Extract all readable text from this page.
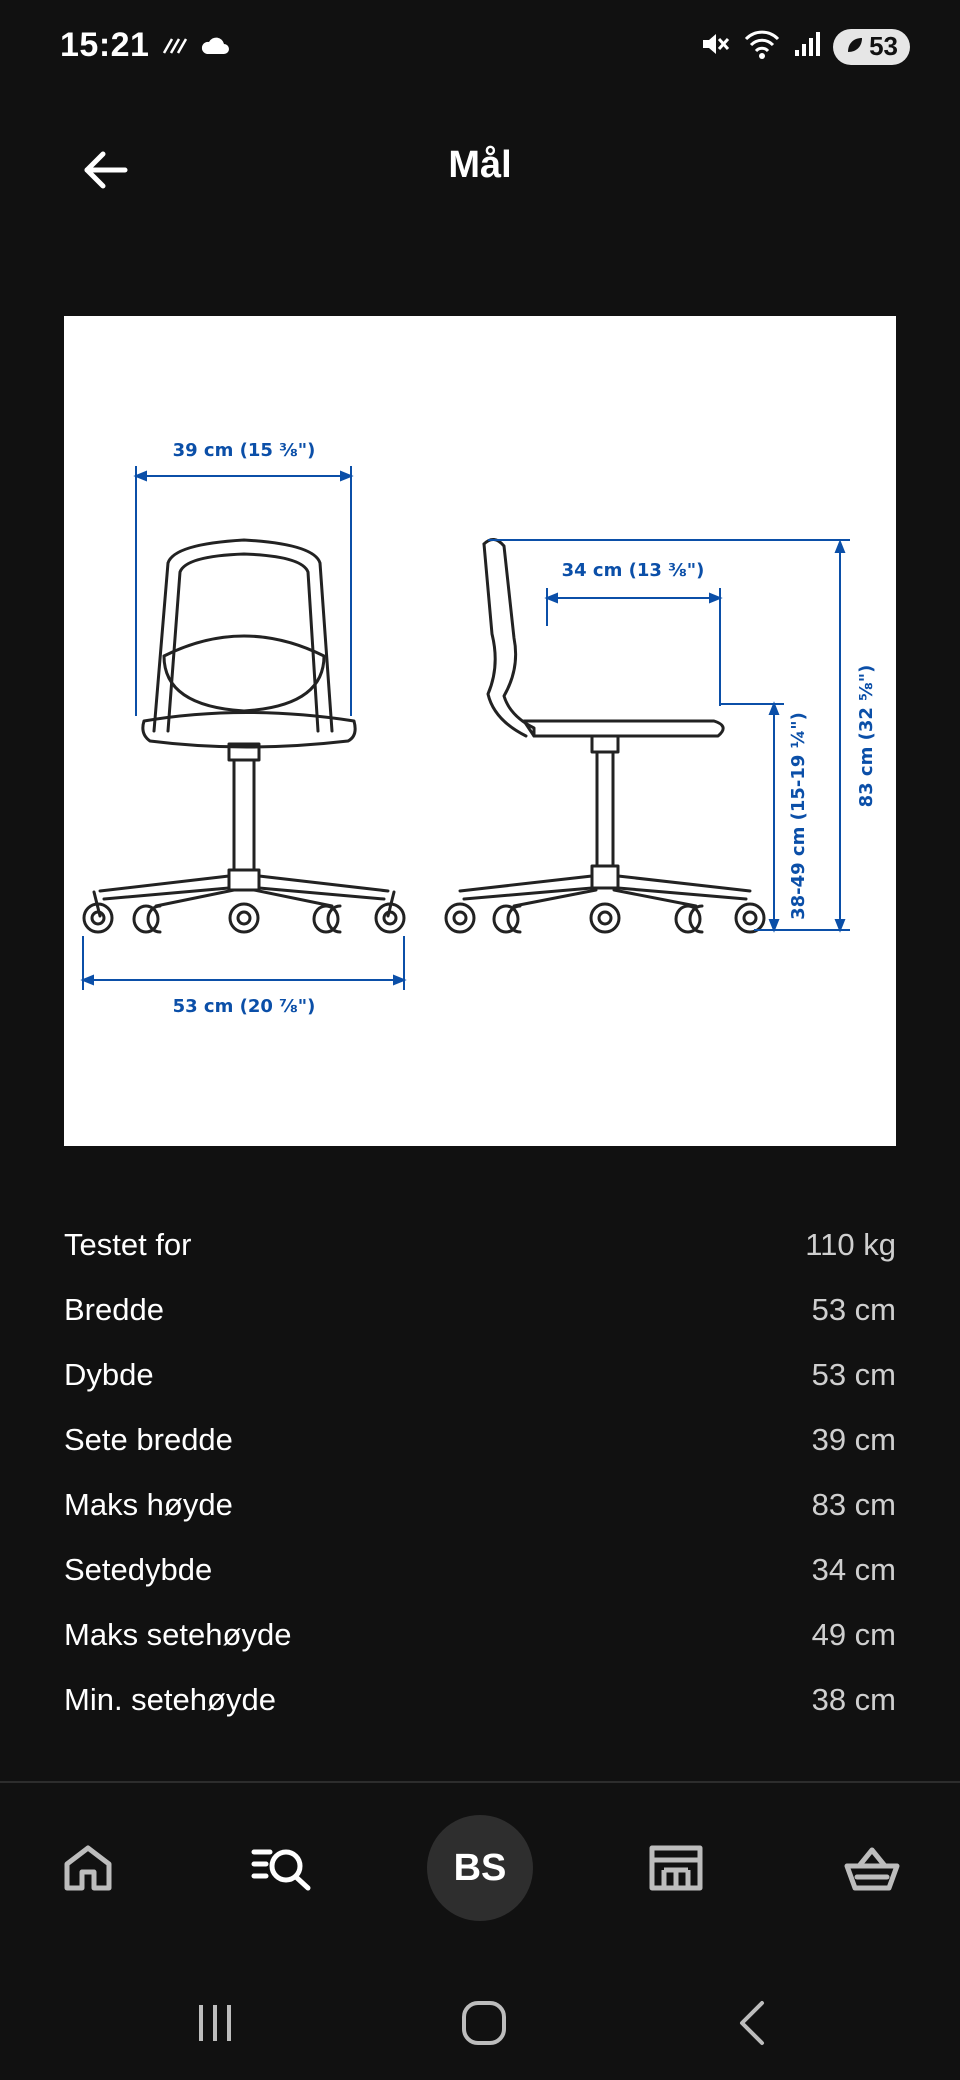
15:21	53
Mål
39 cm (15 ⅜")
53 cm (20 ⅞")
34 cm (13 ⅜")
38-49 cm (15-19 ¼")	83 cm (32 ⅝")
Testet for	110 kg
Bredde	53 cm
Dybde	53 cm
Sete bredde	39 cm
Maks høyde	83 cm
Setedybde	34 cm
Maks setehøyde	49 cm
Min. setehøyde	38 cm
BS
